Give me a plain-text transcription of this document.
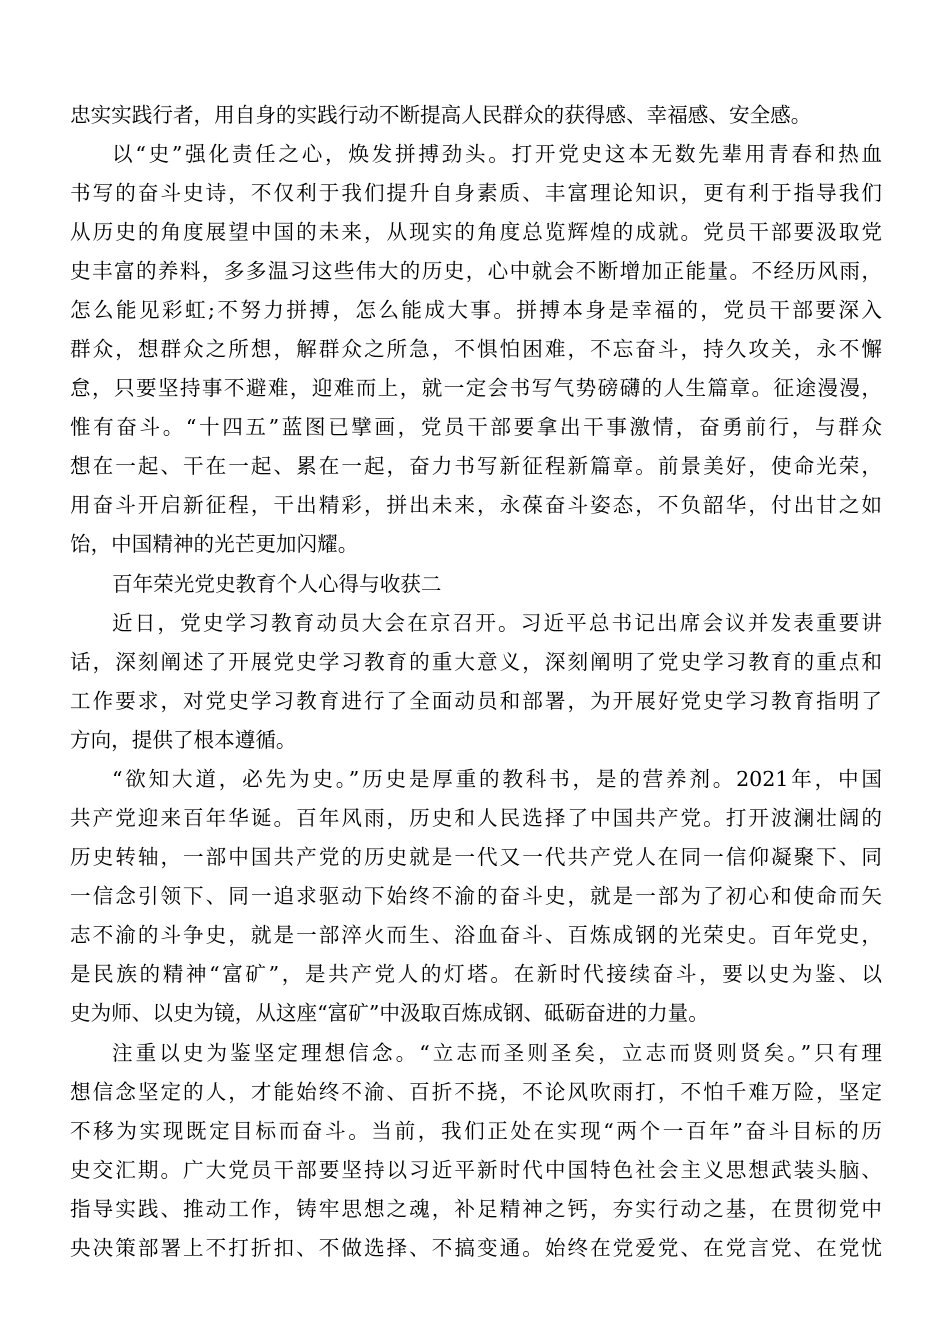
忠实实践行者，用自身的实践行动不断提高人民群众的获得感、幸福感、安全感。
以“史”强化责任之心，焕发拼搏劲头。打开党史这本无数先辈用青春和热血
书写的奋斗史诗，不仅利于我们提升自身素质、丰富理论知识，更有利于指导我们
从历史的角度展望中国的未来，从现实的角度总览辉煌的成就。党员干部要汲取党
史丰富的养料，多多温习这些伟大的历史，心中就会不断增加正能量。不经历风雨，
怎么能见彩虹;不努力拼搏，怎么能成大事。拼搏本身是幸福的，党员干部要深入
群众，想群众之所想，解群众之所急，不惧怕困难，不忘奋斗，持久攻关，永不懈
怠，只要坚持事不避难，迎难而上，就一定会书写气势磅礴的人生篇章。征途漫漫，
惟有奋斗。“十四五”蓝图已擘画，党员干部要拿出干事激情，奋勇前行，与群众
想在一起、干在一起、累在一起，奋力书写新征程新篇章。前景美好，使命光荣，
用奋斗开启新征程，干出精彩，拼出未来，永葆奋斗姿态，不负韶华，付出甘之如
饴，中国精神的光芒更加闪耀。
百年荣光党史教育个人心得与收获二
近日，党史学习教育动员大会在京召开。习近平总书记出席会议并发表重要讲
话，深刻阐述了开展党史学习教育的重大意义，深刻阐明了党史学习教育的重点和
工作要求，对党史学习教育进行了全面动员和部署，为开展好党史学习教育指明了
方向，提供了根本遵循。
“欲知大道，必先为史。”历史是厚重的教科书，是的营养剂。2021年，中国
共产党迎来百年华诞。百年风雨，历史和人民选择了中国共产党。打开波澜壮阔的
历史转轴，一部中国共产党的历史就是一代又一代共产党人在同一信仰凝聚下、同
一信念引领下、同一追求驱动下始终不渝的奋斗史，就是一部为了初心和使命而矢
志不渝的斗争史，就是一部淬火而生、浴血奋斗、百炼成钢的光荣史。百年党史，
是民族的精神“富矿”，是共产党人的灯塔。在新时代接续奋斗，要以史为鉴、以
史为师、以史为镜，从这座“富矿”中汲取百炼成钢、砥砺奋进的力量。
注重以史为鉴坚定理想信念。“立志而圣则圣矣，立志而贤则贤矣。”只有理
想信念坚定的人，才能始终不渝、百折不挠，不论风吹雨打，不怕千难万险，坚定
不移为实现既定目标而奋斗。当前，我们正处在实现“两个一百年”奋斗目标的历
史交汇期。广大党员干部要坚持以习近平新时代中国特色社会主义思想武装头脑、
指导实践、推动工作，铸牢思想之魂，补足精神之钙，夯实行动之基，在贯彻党中
央决策部署上不打折扣、不做选择、不搞变通。始终在党爱党、在党言党、在党忧
